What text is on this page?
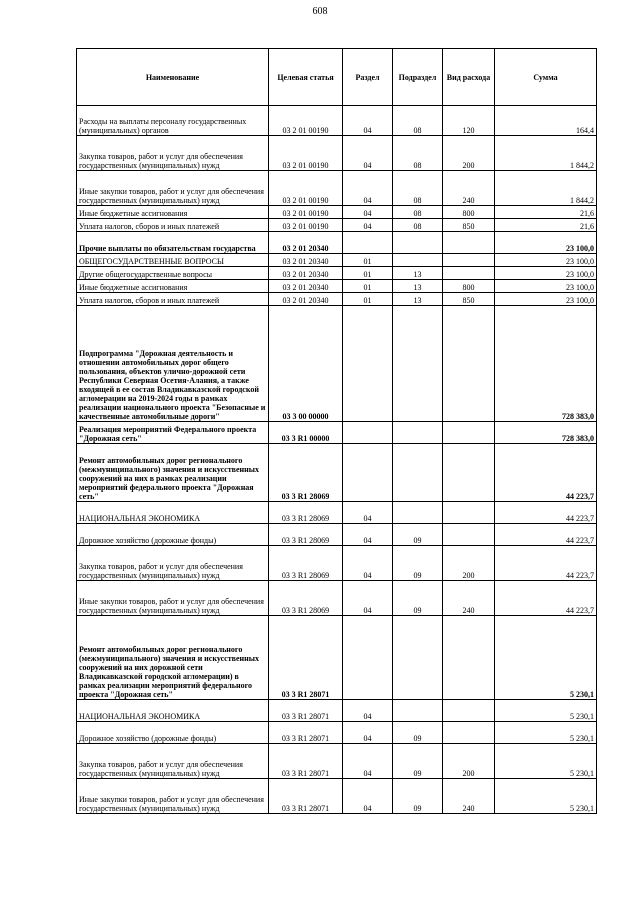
608
Наименование	Целевая статья	Раздел	Подраздел	Вид расхода	Сумма
Расходы на выплаты персоналу государственных (муниципальных) органов	03 2 01 00190	04	08	120	164,4
Закупка товаров, работ и услуг для обеспечения государственных (муниципальных) нужд	03 2 01 00190	04	08	200	1 844,2
Иные закупки товаров, работ и услуг для обеспечения государственных (муниципальных) нужд	03 2 01 00190	04	08	240	1 844,2
Иные бюджетные ассигнования	03 2 01 00190	04	08	800	21,6
Уплата налогов, сборов и иных платежей	03 2 01 00190	04	08	850	21,6
Прочие выплаты по обязательствам государства	03 2 01 20340				23 100,0
ОБЩЕГОСУДАРСТВЕННЫЕ ВОПРОСЫ	03 2 01 20340	01			23 100,0
Другие общегосударственные вопросы	03 2 01 20340	01	13		23 100,0
Иные бюджетные ассигнования	03 2 01 20340	01	13	800	23 100,0
Уплата налогов, сборов и иных платежей	03 2 01 20340	01	13	850	23 100,0
Подпрограмма "Дорожная деятельность и отношении автомобильных дорог общего пользования, объектов улично-дорожной сети Республики Северная Осетия-Алания, а также входящей в ее состав Владикавказской городской агломерации на 2019-2024 годы в рамках реализации национального проекта "Безопасные и качественные автомобильные дороги"	03 3 00 00000				728 383,0
Реализация мероприятий Федерального проекта "Дорожная сеть"	03 3 R1 00000				728 383,0
Ремонт автомобильных дорог регионального (межмуниципального) значения и искусственных сооружений на них в рамках реализации мероприятий федерального проекта "Дорожная сеть"	03 3 R1 28069				44 223,7
НАЦИОНАЛЬНАЯ ЭКОНОМИКА	03 3 R1 28069	04			44 223,7
Дорожное хозяйство (дорожные фонды)	03 3 R1 28069	04	09		44 223,7
Закупка товаров, работ и услуг для обеспечения государственных (муниципальных) нужд	03 3 R1 28069	04	09	200	44 223,7
Иные закупки товаров, работ и услуг для обеспечения государственных (муниципальных) нужд	03 3 R1 28069	04	09	240	44 223,7
Ремонт автомобильных дорог регионального (межмуниципального) значения и искусственных сооружений на них дорожной сети Владикавказской городской агломерации) в рамках реализации мероприятий федерального проекта "Дорожная сеть"	03 3 R1 28071				5 230,1
НАЦИОНАЛЬНАЯ ЭКОНОМИКА	03 3 R1 28071	04			5 230,1
Дорожное хозяйство (дорожные фонды)	03 3 R1 28071	04	09		5 230,1
Закупка товаров, работ и услуг для обеспечения государственных (муниципальных) нужд	03 3 R1 28071	04	09	200	5 230,1
Иные закупки товаров, работ и услуг для обеспечения государственных (муниципальных) нужд	03 3 R1 28071	04	09	240	5 230,1
